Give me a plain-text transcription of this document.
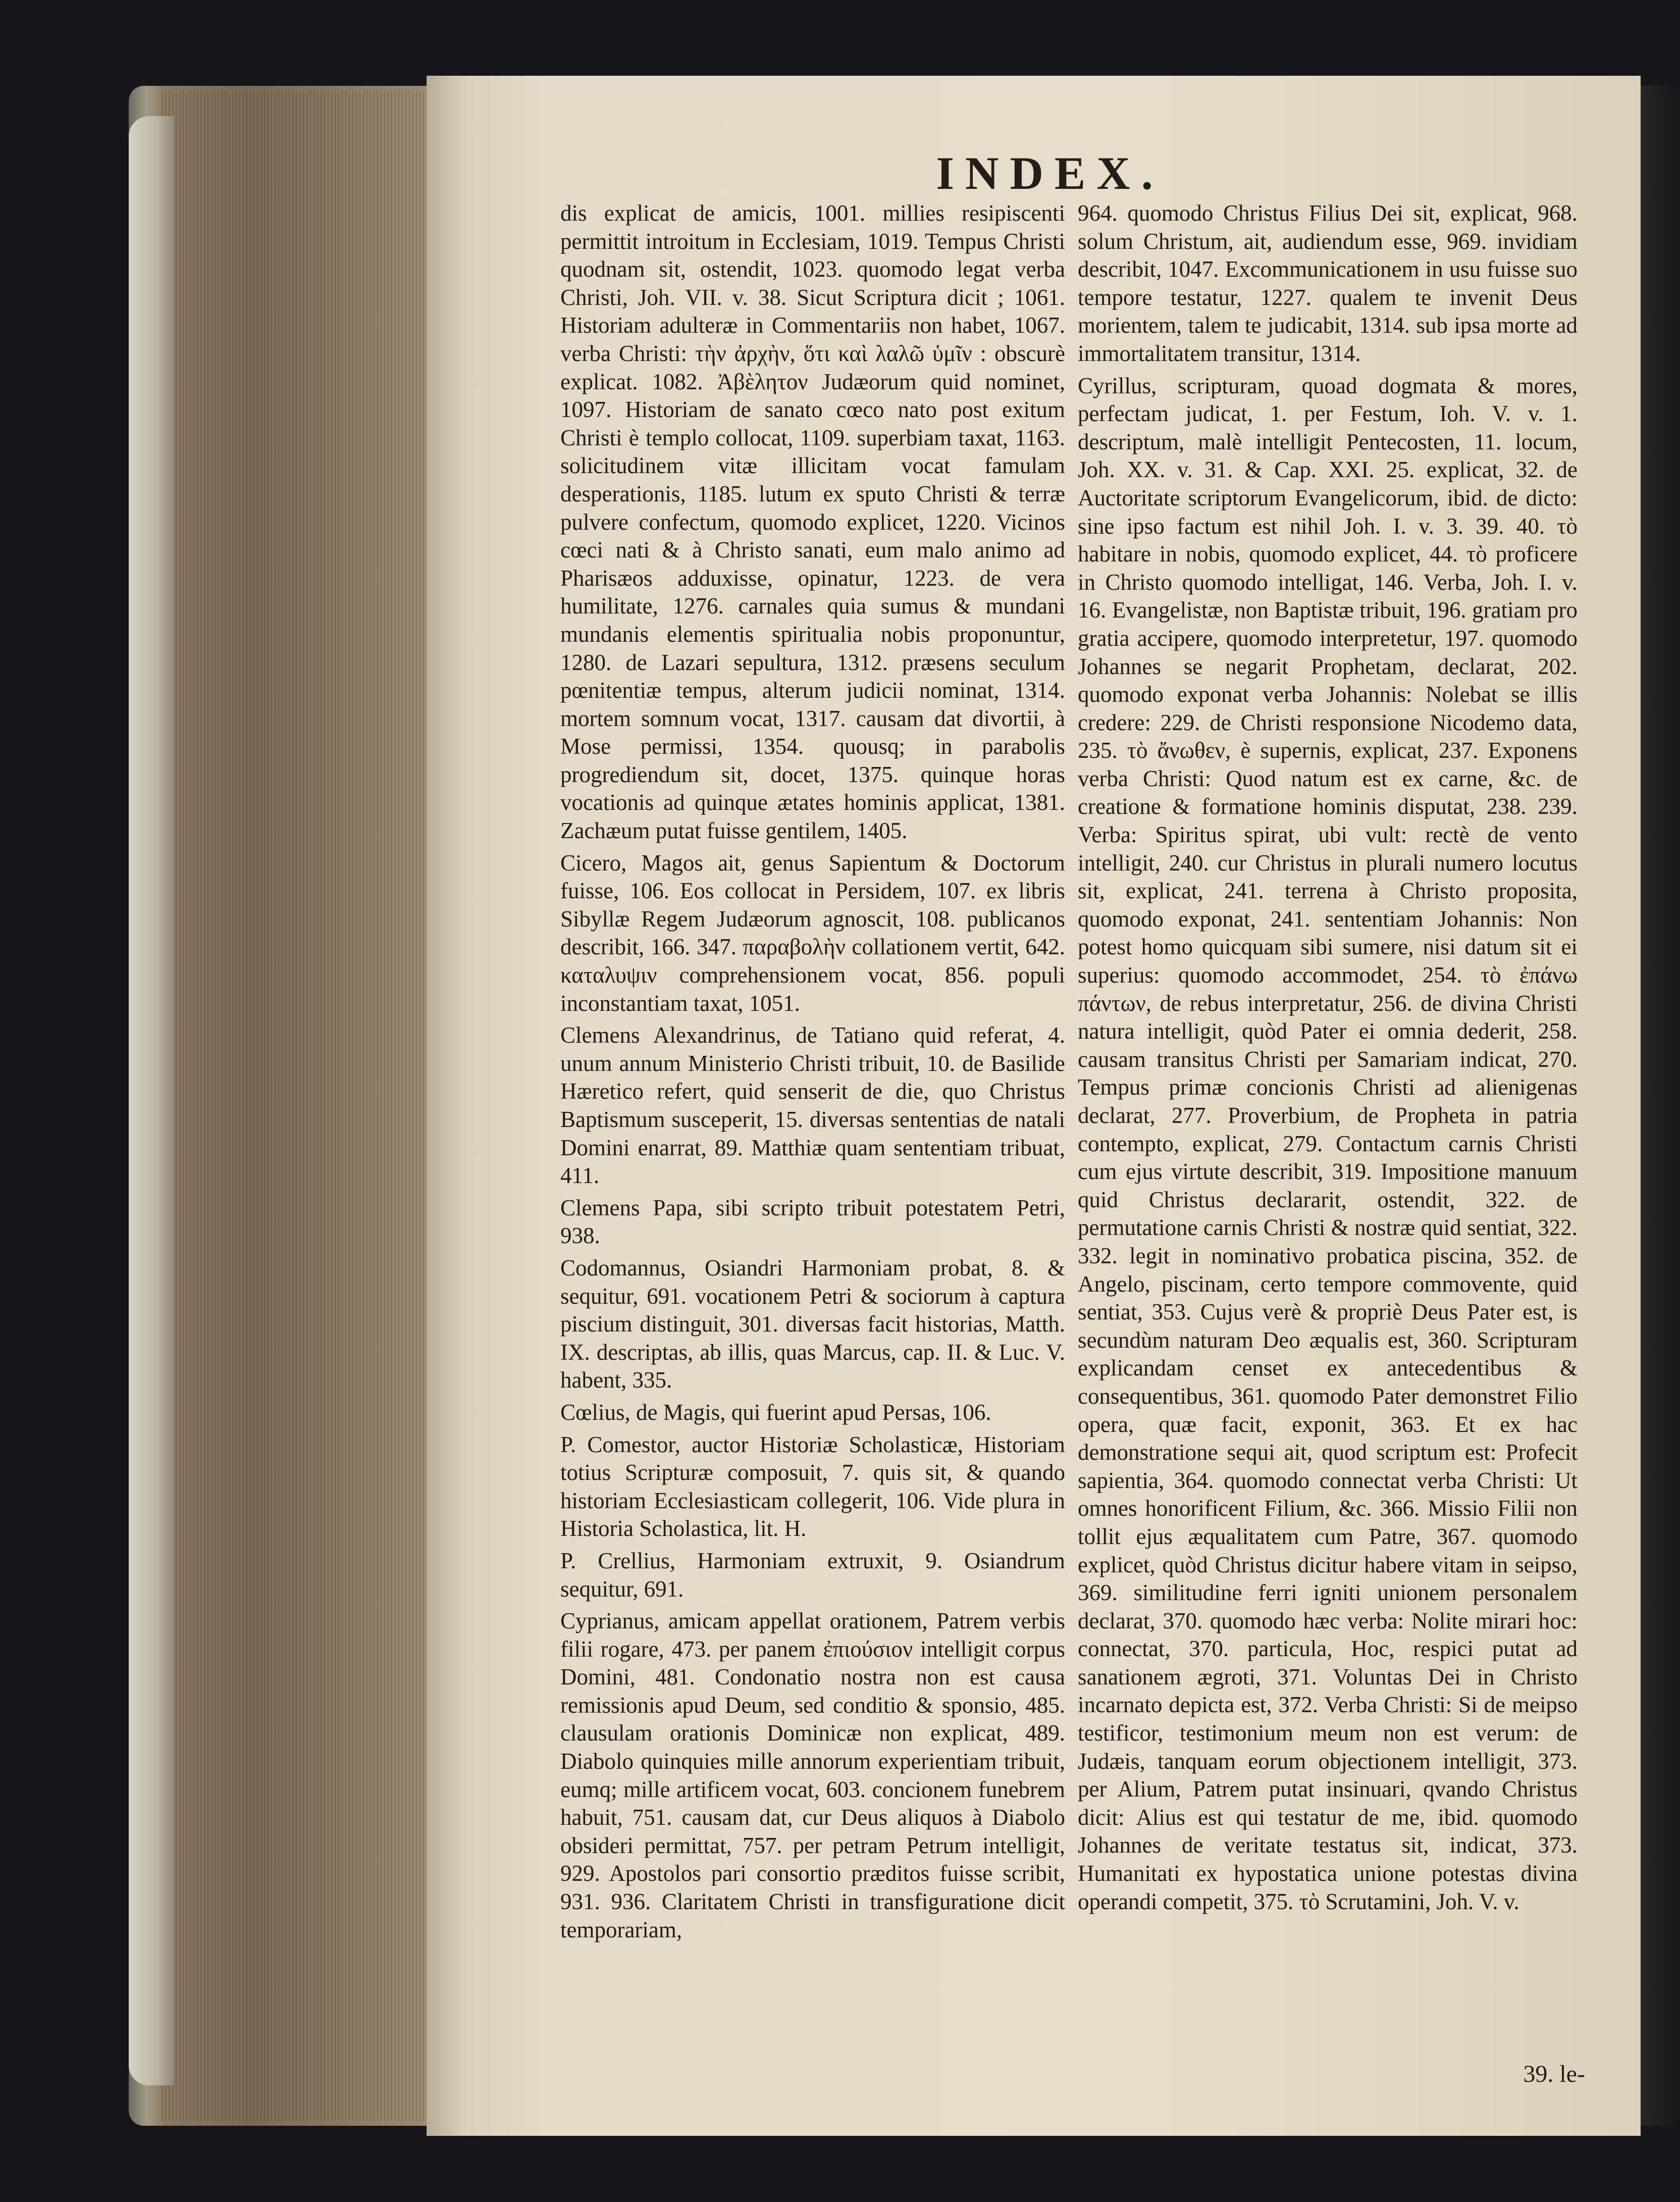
INDEX.

dis explicat de amicis, 1001. millies resipiscenti permittit introitum in Ecclesiam, 1019. Tempus Christi quodnam sit, ostendit, 1023. quomodo legat verba Christi, Joh. VII. v. 38. Sicut Scriptura dicit ; 1061. Historiam adulteræ in Commentariis non habet, 1067. verba Christi: τὴν ἀρχὴν, ὅτι καὶ λαλῶ ὑμῖν : obscurè explicat. 1082. Ἀβὲλητον Judæorum quid nominet, 1097. Historiam de sanato cœco nato post exitum Christi è templo collocat, 1109. superbiam taxat, 1163. solicitudinem vitæ illicitam vocat famulam desperationis, 1185. lutum ex sputo Christi & terræ pulvere confectum, quomodo explicet, 1220. Vicinos cœci nati & à Christo sanati, eum malo animo ad Pharisæos adduxisse, opinatur, 1223. de vera humilitate, 1276. carnales quia sumus & mundani mundanis elementis spiritualia nobis proponuntur, 1280. de Lazari sepultura, 1312. præsens seculum pœnitentiæ tempus, alterum judicii nominat, 1314. mortem somnum vocat, 1317. causam dat divortii, à Mose permissi, 1354. quousq; in parabolis progrediendum sit, docet, 1375. quinque horas vocationis ad quinque ætates hominis applicat, 1381. Zachæum putat fuisse gentilem, 1405.

Cicero, Magos ait, genus Sapientum & Doctorum fuisse, 106. Eos collocat in Persidem, 107. ex libris Sibyllæ Regem Judæorum agnoscit, 108. publicanos describit, 166. 347. παραβολὴν collationem vertit, 642. καταλυψιν comprehensionem vocat, 856. populi inconstantiam taxat, 1051.

Clemens Alexandrinus, de Tatiano quid referat, 4. unum annum Ministerio Christi tribuit, 10. de Basilide Hæretico refert, quid senserit de die, quo Christus Baptismum susceperit, 15. diversas sententias de natali Domini enarrat, 89. Matthiæ quam sententiam tribuat, 411.

Clemens Papa, sibi scripto tribuit potestatem Petri, 938.

Codomannus, Osiandri Harmoniam probat, 8. & sequitur, 691. vocationem Petri & sociorum à captura piscium distinguit, 301. diversas facit historias, Matth. IX. descriptas, ab illis, quas Marcus, cap. II. & Luc. V. habent, 335.

Cœlius, de Magis, qui fuerint apud Persas, 106.

P. Comestor, auctor Historiæ Scholasticæ, Historiam totius Scripturæ composuit, 7. quis sit, & quando historiam Ecclesiasticam collegerit, 106. Vide plura in Historia Scholastica, lit. H.

P. Crellius, Harmoniam extruxit, 9. Osiandrum sequitur, 691.

Cyprianus, amicam appellat orationem, Patrem verbis filii rogare, 473. per panem ἐπιούσιον intelligit corpus Domini, 481. Condonatio nostra non est causa remissionis apud Deum, sed conditio & sponsio, 485. clausulam orationis Dominicæ non explicat, 489. Diabolo quinquies mille annorum experientiam tribuit, eumq; mille artificem vocat, 603. concionem funebrem habuit, 751. causam dat, cur Deus aliquos à Diabolo obsideri permittat, 757. per petram Petrum intelligit, 929. Apostolos pari consortio præditos fuisse scribit, 931. 936. Claritatem Christi in transfiguratione dicit temporariam,

964. quomodo Christus Filius Dei sit, explicat, 968. solum Christum, ait, audiendum esse, 969. invidiam describit, 1047. Excommunicationem in usu fuisse suo tempore testatur, 1227. qualem te invenit Deus morientem, talem te judicabit, 1314. sub ipsa morte ad immortalitatem transitur, 1314.

Cyrillus, scripturam, quoad dogmata & mores, perfectam judicat, 1. per Festum, Ioh. V. v. 1. descriptum, malè intelligit Pentecosten, 11. locum, Joh. XX. v. 31. & Cap. XXI. 25. explicat, 32. de Auctoritate scriptorum Evangelicorum, ibid. de dicto: sine ipso factum est nihil Joh. I. v. 3. 39. 40. τὸ habitare in nobis, quomodo explicet, 44. τὸ proficere in Christo quomodo intelligat, 146. Verba, Joh. I. v. 16. Evangelistæ, non Baptistæ tribuit, 196. gratiam pro gratia accipere, quomodo interpretetur, 197. quomodo Johannes se negarit Prophetam, declarat, 202. quomodo exponat verba Johannis: Nolebat se illis credere: 229. de Christi responsione Nicodemo data, 235. τὸ ἄνωθεν, è supernis, explicat, 237. Exponens verba Christi: Quod natum est ex carne, &c. de creatione & formatione hominis disputat, 238. 239. Verba: Spiritus spirat, ubi vult: rectè de vento intelligit, 240. cur Christus in plurali numero locutus sit, explicat, 241. terrena à Christo proposita, quomodo exponat, 241. sententiam Johannis: Non potest homo quicquam sibi sumere, nisi datum sit ei superius: quomodo accommodet, 254. τὸ ἐπάνω πάντων, de rebus interpretatur, 256. de divina Christi natura intelligit, quòd Pater ei omnia dederit, 258. causam transitus Christi per Samariam indicat, 270. Tempus primæ concionis Christi ad alienigenas declarat, 277. Proverbium, de Propheta in patria contempto, explicat, 279. Contactum carnis Christi cum ejus virtute describit, 319. Impositione manuum quid Christus declararit, ostendit, 322. de permutatione carnis Christi & nostræ quid sentiat, 322. 332. legit in nominativo probatica piscina, 352. de Angelo, piscinam, certo tempore commovente, quid sentiat, 353. Cujus verè & propriè Deus Pater est, is secundùm naturam Deo æqualis est, 360. Scripturam explicandam censet ex antecedentibus & consequentibus, 361. quomodo Pater demonstret Filio opera, quæ facit, exponit, 363. Et ex hac demonstratione sequi ait, quod scriptum est: Profecit sapientia, 364. quomodo connectat verba Christi: Ut omnes honorificent Filium, &c. 366. Missio Filii non tollit ejus æqualitatem cum Patre, 367. quomodo explicet, quòd Christus dicitur habere vitam in seipso, 369. similitudine ferri igniti unionem personalem declarat, 370. quomodo hæc verba: Nolite mirari hoc: connectat, 370. particula, Hoc, respici putat ad sanationem ægroti, 371. Voluntas Dei in Christo incarnato depicta est, 372. Verba Christi: Si de meipso testificor, testimonium meum non est verum: de Judæis, tanquam eorum objectionem intelligit, 373. per Alium, Patrem putat insinuari, qvando Christus dicit: Alius est qui testatur de me, ibid. quomodo Johannes de veritate testatus sit, indicat, 373. Humanitati ex hypostatica unione potestas divina operandi competit, 375. τὸ Scrutamini, Joh. V. v.

39. le-
